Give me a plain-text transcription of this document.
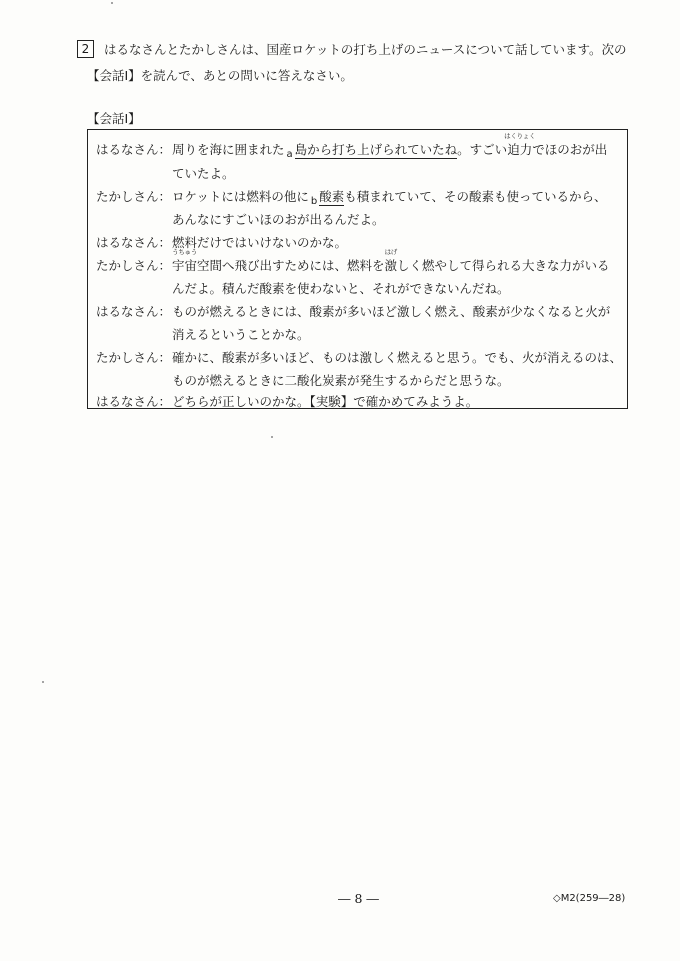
2	はるなさんとたかしさんは、国産ロケットの打ち上げのニュースについて話しています。次の
【会話Ⅰ】を読んで、あとの問いに答えなさい。
【会話Ⅰ】
はるなさん： 周りを海に囲まれた $_a$ 島から打ち上げられていたね。すごい
はくりょく
迫力でほのおが出
ていたよ。
たかしさん： ロケットには燃料の他に $_b$ 酸素も積まれていて、その酸素も使っているから、
あんなにすごいほのおが出るんだよ。
はるなさん： 燃料だけではいけないのかな。
たかしさん：
うちゅう
宇宙空間へ飛び出すためには、燃料を
はげ
激しく燃やして得られる大きな力がいる
んだよ。積んだ酸素を使わないと、それができないんだね。
はるなさん： ものが燃えるときには、酸素が多いほど激しく燃え、酸素が少なくなると火が
消えるということかな。
たかしさん： 確かに、酸素が多いほど、ものは激しく燃えると思う。でも、火が消えるのは、
ものが燃えるときに二酸化炭素が発生するからだと思うな。
はるなさん： どちらが正しいのかな。【実験】で確かめてみようよ。
― 8 ―	◇M2(259―28)
